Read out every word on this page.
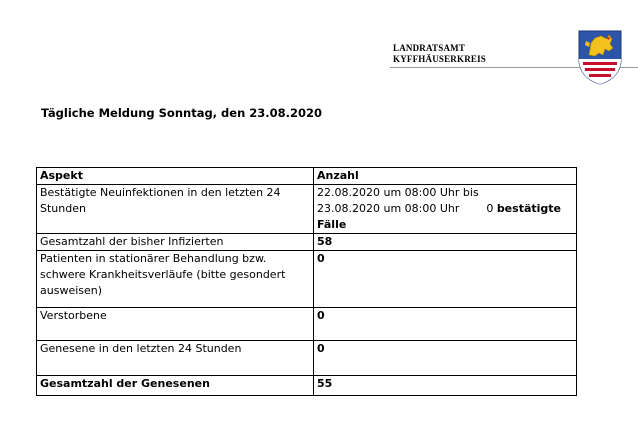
LANDRATSAMT
KYFFHÄUSERKREIS
Tägliche Meldung Sonntag, den 23.08.2020
Aspekt	Anzahl
Bestätigte Neuinfektionen in den letzten 24 Stunden	22.08.2020 um 08:00 Uhr bis
23.08.2020 um 08:00 Uhr 0 bestätigte
Fälle

Gesamtzahl der bisher Infizierten	58
Patienten in stationärer Behandlung bzw. schwere Krankheitsverläufe (bitte gesondert ausweisen)	0
Verstorbene	0
Genesene in den letzten 24 Stunden	0
Gesamtzahl der Genesenen	55
